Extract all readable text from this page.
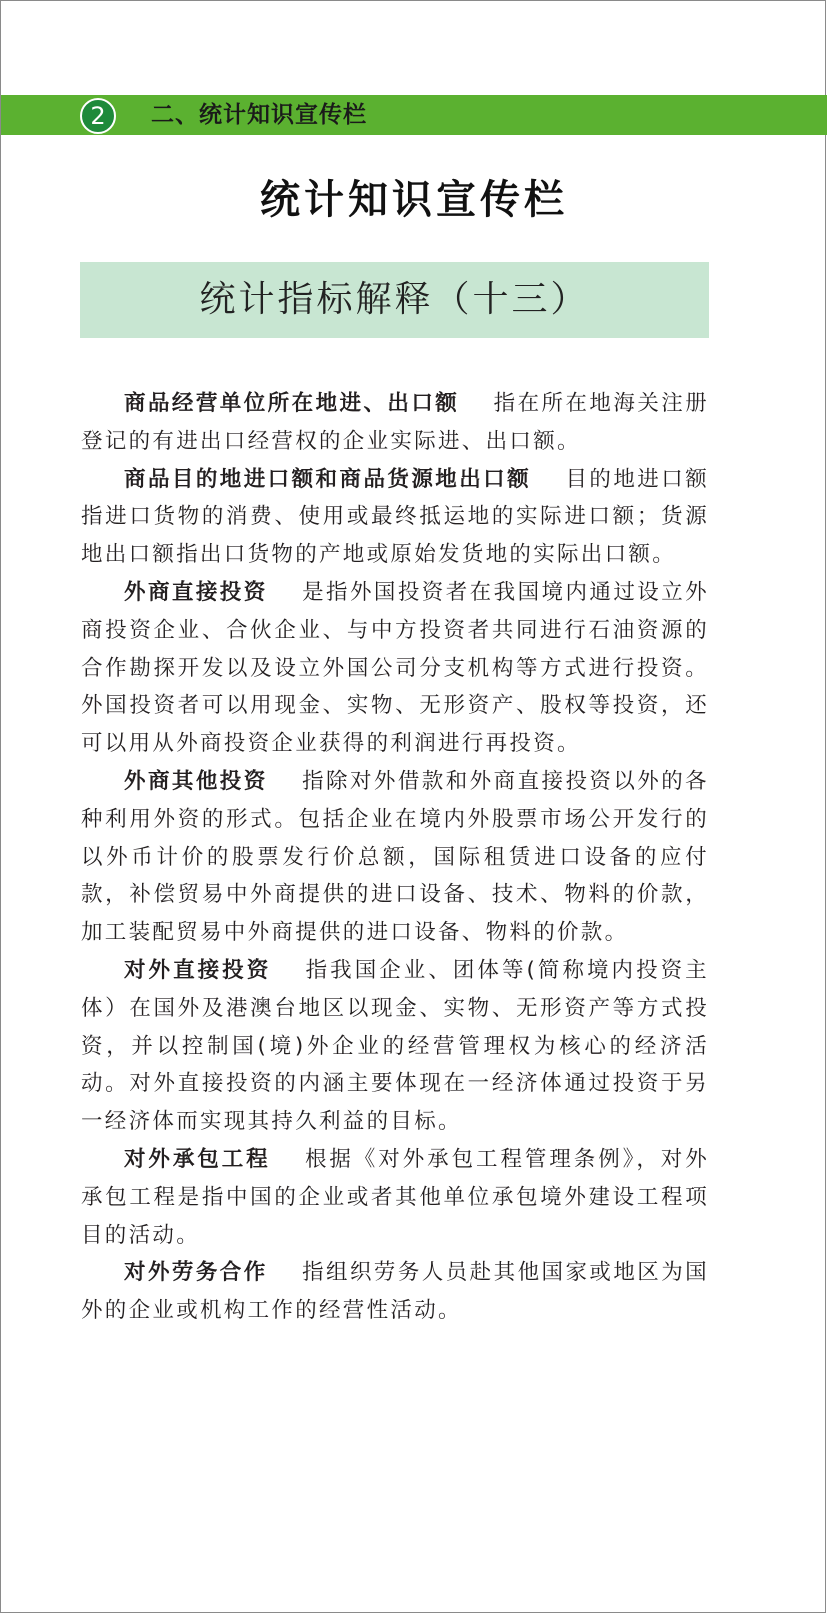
2	二、统计知识宣传栏
统计知识宣传栏
统计指标解释（十三）

商品经营单位所在地进、出口额 指在所在地海关注册登记的有进出口经营权的企业实际进、出口额。

商品目的地进口额和商品货源地出口额 目的地进口额指进口货物的消费、使用或最终抵运地的实际进口额；货源地出口额指出口货物的产地或原始发货地的实际出口额。

外商直接投资 是指外国投资者在我国境内通过设立外商投资企业、合伙企业、与中方投资者共同进行石油资源的合作勘探开发以及设立外国公司分支机构等方式进行投资。外国投资者可以用现金、实物、无形资产、股权等投资，还可以用从外商投资企业获得的利润进行再投资。

外商其他投资 指除对外借款和外商直接投资以外的各种利用外资的形式。包括企业在境内外股票市场公开发行的以外币计价的股票发行价总额，国际租赁进口设备的应付款，补偿贸易中外商提供的进口设备、技术、物料的价款，加工装配贸易中外商提供的进口设备、物料的价款。

对外直接投资 指我国企业、团体等(简称境内投资主体）在国外及港澳台地区以现金、实物、无形资产等方式投资，并以控制国(境)外企业的经营管理权为核心的经济活动。对外直接投资的内涵主要体现在一经济体通过投资于另一经济体而实现其持久利益的目标。

对外承包工程 根据《对外承包工程管理条例》，对外承包工程是指中国的企业或者其他单位承包境外建设工程项目的活动。

对外劳务合作 指组织劳务人员赴其他国家或地区为国外的企业或机构工作的经营性活动。
